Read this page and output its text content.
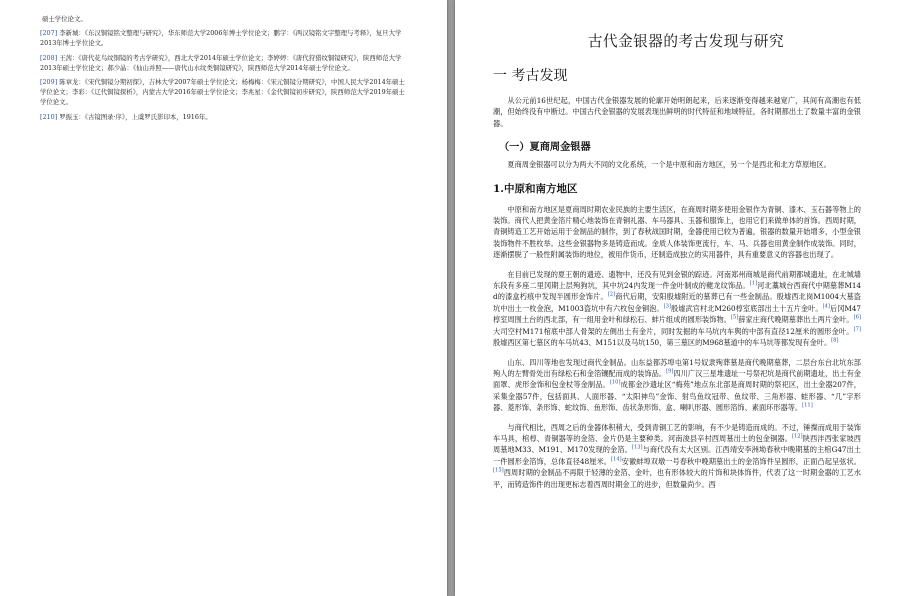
硕士学位论文。
[207] 李新城：《东汉铜镜铭文整理与研究》，华东师范大学2006年博士学位论文；鹏宇：《两汉镜铭文字整理与考释》，复旦大学2013年博士学位论文。
[208] 王茜：《唐代花鸟纹铜镜的考古学研究》，西北大学2014年硕士学位论文；李婷婷：《唐代狩猎纹铜镜研究》，陕西师范大学2013年硕士学位论文；郝少晶：《仙山并照——唐代山水纹类铜镜研究》，陕西师范大学2014年硕士学位论文。
[209] 陈章龙：《宋代铜镜分期初探》，吉林大学2007年硕士学位论文；杨梅梅：《宋元铜镜分期研究》，中国人民大学2014年硕士学位论文；李彩：《辽代铜镜探析》，内蒙古大学2016年硕士学位论文；李兆星：《金代铜镜初步研究》，陕西师范大学2019年硕士学位论文。
[210] 罗振玉：《古镜图录·序》，上虞罗氏影印本，1916年。
古代金银器的考古发现与研究
一 考古发现

从公元前16世纪起，中国古代金银器发展的轮廓开始明朗起来，后来逐渐变得越来越宽广，其间有高潮也有低潮，但始终没有中断过。中国古代金银器的发展表现出鲜明的时代特征和地域特征，各时期都出土了数量丰富的金银器。

（一）夏商周金银器

夏商周金银器可以分为两大不同的文化系统，一个是中原和南方地区，另一个是西北和北方草原地区。

1.中原和南方地区

中原和南方地区是夏商周时期农业民族的主要生活区，在商周时期多使用金银作为青铜、漆木、玉石器等物上的装饰。商代人把黄金箔片精心地装饰在青铜礼器、车马器具、玉器和服饰上，也用它们来做单体的首饰。西周时期，青铜铸造工艺开始运用于金制品的制作，到了春秋战国时期，金器使用已较为普遍，银器的数量开始增多，小型金银装饰物件不胜枚举。这些金银器物多是铸造而成。金质人体装饰更流行，车、马、兵器也用黄金制作成装饰。同时，逐渐摆脱了一般性附属装饰的地位，被用作货币，还制造成独立的实用器件，具有重要意义的容器也出现了。

在目前已发现的夏王朝的遗迹、遗物中，还没有见到金银的踪迹。河南郑州商城是商代前期都城遗址，在北城墙东段有多座二里冈期上层殉狗坑，其中坑24内发现一件金叶制成的夔龙纹饰品。[1]河北藁城台西商代中期墓葬M14d的漆盒朽痕中发现半圆形金饰片。[2]商代后期，安阳殷墟附近的墓葬已有一些金制品。殷墟西北岗M1004大墓盗坑中出土一枚金泡，M1003盗坑中有六枚包金铜泡。[3]殷墟武官村北M260椁室底部出土十五片金叶。[4]后冈M47椁室周围土台的西北部，有一组用金叶和绿松石、蚌片组成的圆形装饰物。[5]薛家庄商代晚期墓葬出土两片金叶。[6]大司空村M171棺底中部人骨架的左侧出土有金片，同时发掘的车马坑内车舆的中部有直径12厘米的圆形金叶。[7]殷墟西区第七墓区的车马坑43、M151以及马坑150，第三墓区的M968墓道中的车马坑等都发现有金叶。[8]

山东、四川等地也发现过商代金制品。山东益都苏埠屯第1号奴隶殉葬墓是商代晚期墓葬，二层台东台北坑东部殉人的左臂骨处出有绿松石和金箔镶配而成的装饰品。[9]四川广汉三星堆遗址一号祭祀坑是商代前期遗址，出土有金面罩、虎形金饰和包金杖等金制品。[10]成都金沙遗址区“梅苑”地点东北部是商周时期的祭祀区，出土金器207件，采集金器57件，包括面具、人面形器、“太阳神鸟”金饰、射鸟鱼纹冠带、鱼纹带、三角形器、蛙形器、“几”字形器、菱形饰、条形饰、蛇纹饰、鱼形饰、齿状条形饰、盒、喇叭形器、圆形箔饰、素面环形器等。[11]

与商代相比，西周之后的金器体积稍大，受到青铜工艺的影响，有不少是铸造而成的。不过，锤揲而成用于装饰车马具，棺椁、青铜器等的金箔、金片仍是主要种类。河南浚县辛村西周墓出土的包金铜器。[12]陕西沣西张家坡西周墓地M33、M191、M170发现的金箔。[13]与商代没有太大区别。江西靖安李洲坳春秋中晚期墓的主棺G47出土一件圆形金箔饰，总体直径48厘米。[14]安徽蚌埠双墩一号春秋中晚期墓出土的金箔饰件呈圆形，正面凸起呈弦状。[15]西周时期的金制品不再限于轻薄的金箔、金叶，也有形体较大的片饰和块体饰件，代表了这一时期金器的工艺水平，而铸造饰件的出现更标志着西周时期金工的进步，但数量尚少。西
